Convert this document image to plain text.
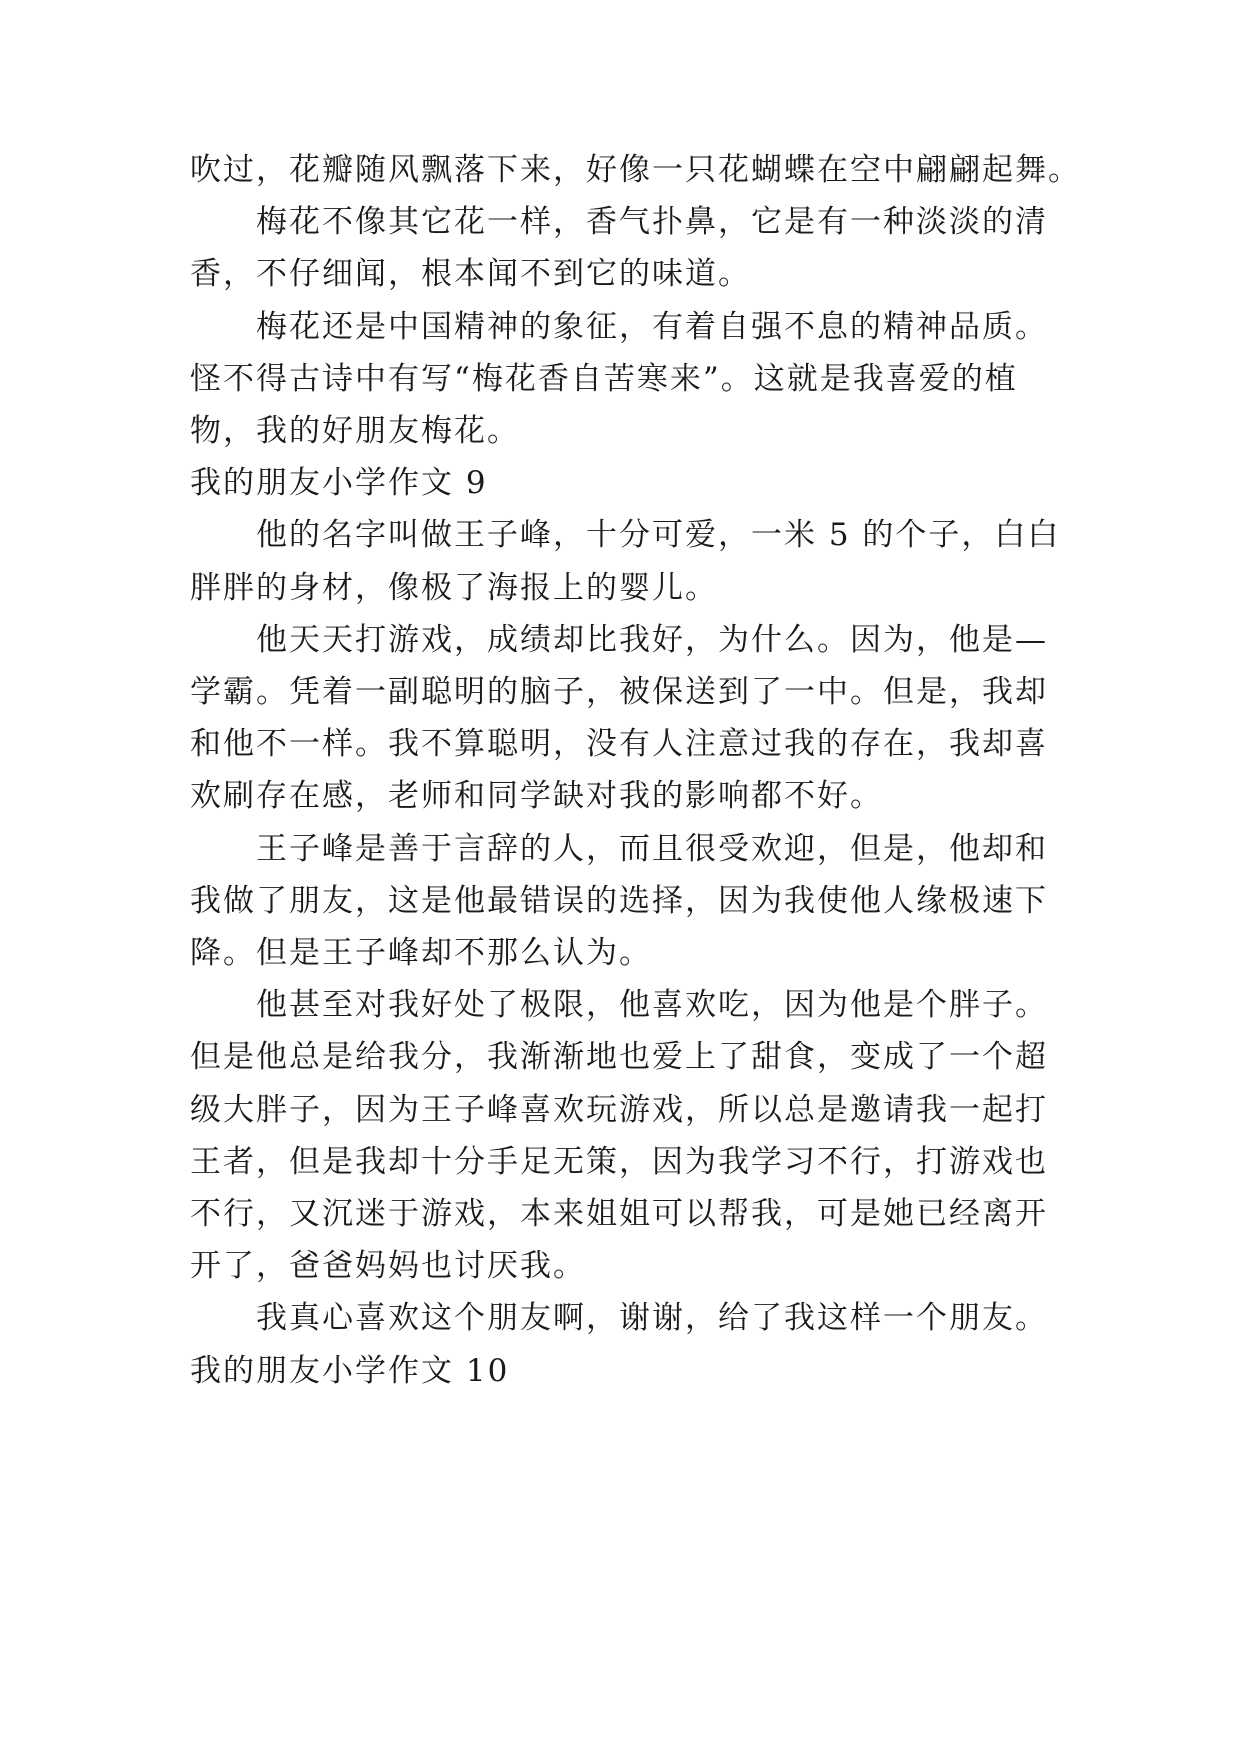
吹过，花瓣随风飘落下来，好像一只花蝴蝶在空中翩翩起舞。
梅花不像其它花一样，香气扑鼻，它是有一种淡淡的清
香，不仔细闻，根本闻不到它的味道。
梅花还是中国精神的象征，有着自强不息的精神品质。
怪不得古诗中有写“梅花香自苦寒来”。这就是我喜爱的植
物，我的好朋友梅花。
我的朋友小学作文 9
他的名字叫做王子峰，十分可爱，一米 5 的个子，白白
胖胖的身材，像极了海报上的婴儿。
他天天打游戏，成绩却比我好，为什么。因为，他是—
学霸。凭着一副聪明的脑子，被保送到了一中。但是，我却
和他不一样。我不算聪明，没有人注意过我的存在，我却喜
欢刷存在感，老师和同学缺对我的影响都不好。
王子峰是善于言辞的人，而且很受欢迎，但是，他却和
我做了朋友，这是他最错误的选择，因为我使他人缘极速下
降。但是王子峰却不那么认为。
他甚至对我好处了极限，他喜欢吃，因为他是个胖子。
但是他总是给我分，我渐渐地也爱上了甜食，变成了一个超
级大胖子，因为王子峰喜欢玩游戏，所以总是邀请我一起打
王者，但是我却十分手足无策，因为我学习不行，打游戏也
不行，又沉迷于游戏，本来姐姐可以帮我，可是她已经离开
开了，爸爸妈妈也讨厌我。
我真心喜欢这个朋友啊，谢谢，给了我这样一个朋友。
我的朋友小学作文 10
